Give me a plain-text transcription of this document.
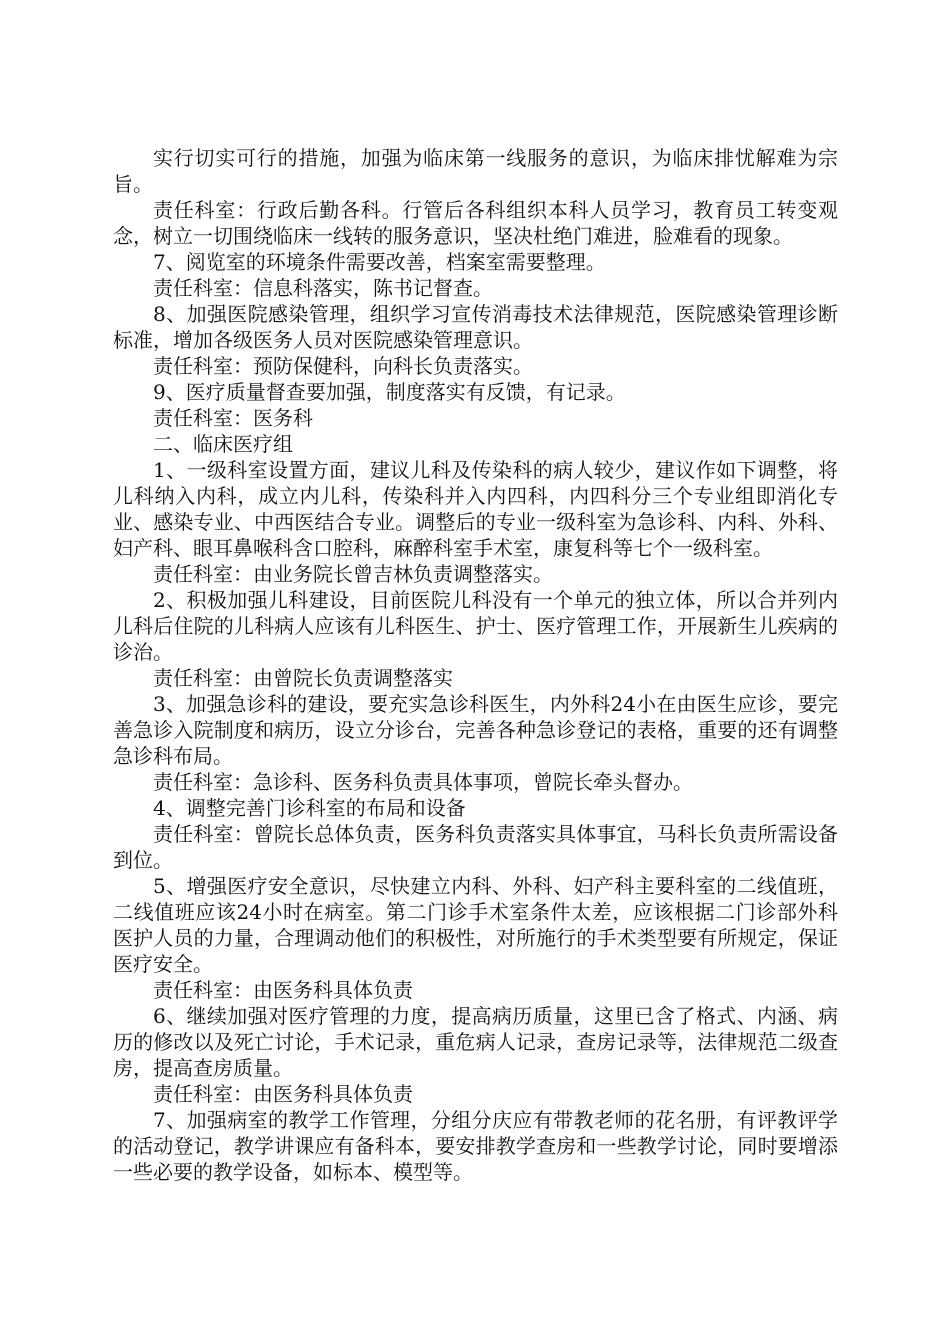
实行切实可行的措施，加强为临床第一线服务的意识，为临床排忧解难为宗旨。

责任科室：行政后勤各科。行管后各科组织本科人员学习，教育员工转变观念，树立一切围绕临床一线转的服务意识，坚决杜绝门难进，脸难看的现象。

7、阅览室的环境条件需要改善，档案室需要整理。

责任科室：信息科落实，陈书记督查。

8、加强医院感染管理，组织学习宣传消毒技术法律规范，医院感染管理诊断标准，增加各级医务人员对医院感染管理意识。

责任科室：预防保健科，向科长负责落实。

9、医疗质量督查要加强，制度落实有反馈，有记录。

责任科室：医务科

二、临床医疗组

1、一级科室设置方面，建议儿科及传染科的病人较少，建议作如下调整，将儿科纳入内科，成立内儿科，传染科并入内四科，内四科分三个专业组即消化专业、感染专业、中西医结合专业。调整后的专业一级科室为急诊科、内科、外科、妇产科、眼耳鼻喉科含口腔科，麻醉科室手术室，康复科等七个一级科室。

责任科室：由业务院长曾吉林负责调整落实。

2、积极加强儿科建设，目前医院儿科没有一个单元的独立体，所以合并列内儿科后住院的儿科病人应该有儿科医生、护士、医疗管理工作，开展新生儿疾病的诊治。

责任科室：由曾院长负责调整落实

3、加强急诊科的建设，要充实急诊科医生，内外科24小在由医生应诊，要完善急诊入院制度和病历，设立分诊台，完善各种急诊登记的表格，重要的还有调整急诊科布局。

责任科室：急诊科、医务科负责具体事项，曾院长牵头督办。

4、调整完善门诊科室的布局和设备

责任科室：曾院长总体负责，医务科负责落实具体事宜，马科长负责所需设备到位。

5、增强医疗安全意识，尽快建立内科、外科、妇产科主要科室的二线值班，二线值班应该24小时在病室。第二门诊手术室条件太差，应该根据二门诊部外科医护人员的力量，合理调动他们的积极性，对所施行的手术类型要有所规定，保证医疗安全。

责任科室：由医务科具体负责

6、继续加强对医疗管理的力度，提高病历质量，这里已含了格式、内涵、病历的修改以及死亡讨论，手术记录，重危病人记录，查房记录等，法律规范二级查房，提高查房质量。

责任科室：由医务科具体负责

7、加强病室的教学工作管理，分组分庆应有带教老师的花名册，有评教评学的活动登记，教学讲课应有备科本，要安排教学查房和一些教学讨论，同时要增添一些必要的教学设备，如标本、模型等。
